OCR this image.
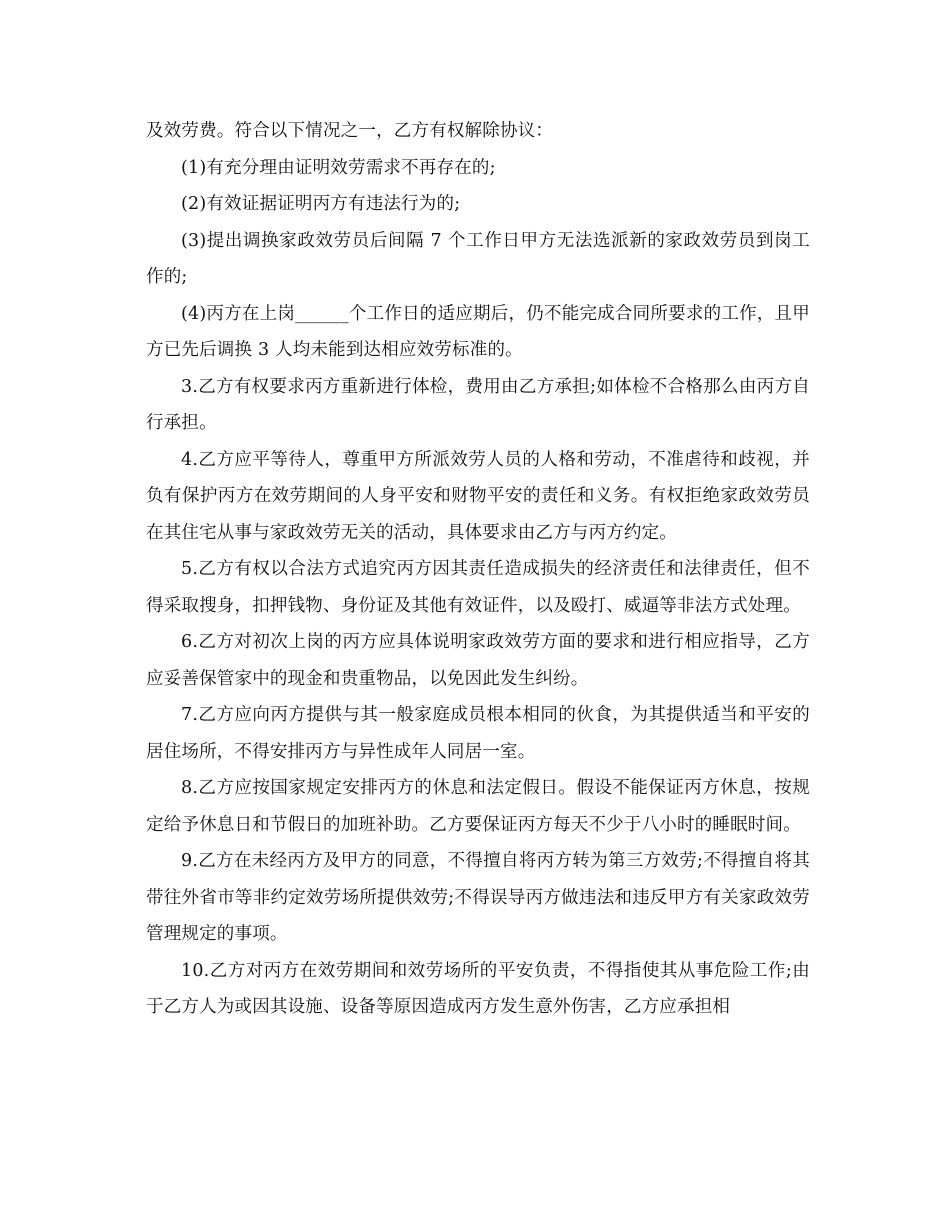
及效劳费。符合以下情况之一，乙方有权解除协议：

(1)有充分理由证明效劳需求不再存在的;

(2)有效证据证明丙方有违法行为的;

(3)提出调换家政效劳员后间隔 7 个工作日甲方无法选派新的家政效劳员到岗工作的;

(4)丙方在上岗______个工作日的适应期后，仍不能完成合同所要求的工作，且甲方已先后调换 3 人均未能到达相应效劳标准的。

3.乙方有权要求丙方重新进行体检，费用由乙方承担;如体检不合格那么由丙方自行承担。

4.乙方应平等待人，尊重甲方所派效劳人员的人格和劳动，不准虐待和歧视，并负有保护丙方在效劳期间的人身平安和财物平安的责任和义务。有权拒绝家政效劳员在其住宅从事与家政效劳无关的活动，具体要求由乙方与丙方约定。

5.乙方有权以合法方式追究丙方因其责任造成损失的经济责任和法律责任，但不得采取搜身，扣押钱物、身份证及其他有效证件，以及殴打、威逼等非法方式处理。

6.乙方对初次上岗的丙方应具体说明家政效劳方面的要求和进行相应指导，乙方应妥善保管家中的现金和贵重物品，以免因此发生纠纷。

7.乙方应向丙方提供与其一般家庭成员根本相同的伙食，为其提供适当和平安的居住场所，不得安排丙方与异性成年人同居一室。

8.乙方应按国家规定安排丙方的休息和法定假日。假设不能保证丙方休息，按规定给予休息日和节假日的加班补助。乙方要保证丙方每天不少于八小时的睡眠时间。

9.乙方在未经丙方及甲方的同意，不得擅自将丙方转为第三方效劳;不得擅自将其带往外省市等非约定效劳场所提供效劳;不得误导丙方做违法和违反甲方有关家政效劳管理规定的事项。

10.乙方对丙方在效劳期间和效劳场所的平安负责，不得指使其从事危险工作;由于乙方人为或因其设施、设备等原因造成丙方发生意外伤害，乙方应承担相
